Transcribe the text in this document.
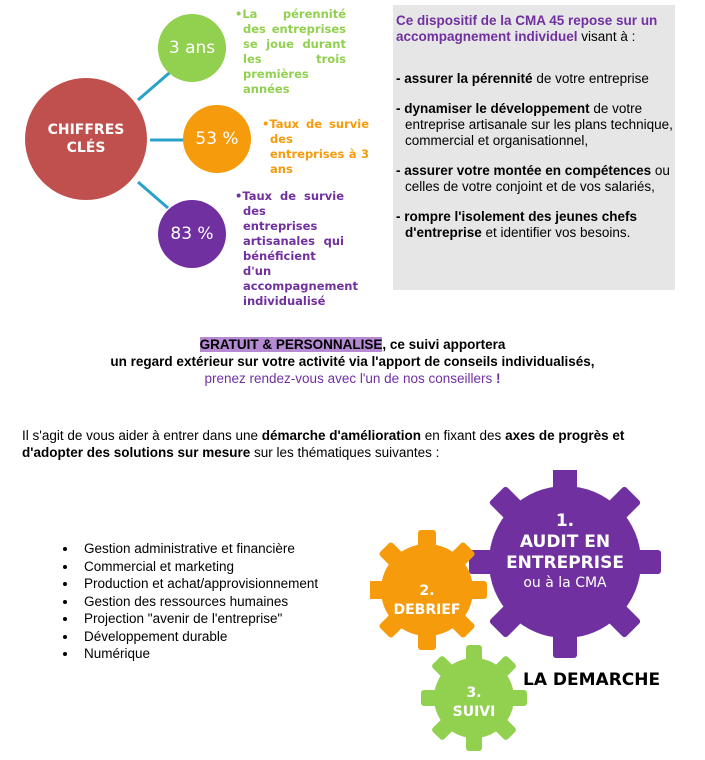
CHIFFRES CLÉS
3 ans
53 %
83 %
•La pérennité des entreprises se joue durant les trois premières années
•Taux de survie des entreprises à 3 ans
•Taux de survie des entreprises artisanales qui bénéficient d'un accompagnement individualisé

Ce dispositif de la CMA 45 repose sur un accompagnement individuel visant à :

- assurer la pérennité de votre entreprise

- dynamiser le développement de votre entreprise artisanale sur les plans technique, commercial et organisationnel,

- assurer votre montée en compétences ou celles de votre conjoint et de vos salariés,

- rompre l'isolement des jeunes chefs d'entreprise et identifier vos besoins.

GRATUIT & PERSONNALISE, ce suivi apportera
un regard extérieur sur votre activité via l'apport de conseils individualisés,
prenez rendez-vous avec l'un de nos conseillers !
Il s'agit de vous aider à entrer dans une démarche d'amélioration en fixant des axes de progrès et d'adopter des solutions sur mesure sur les thématiques suivantes :
• Gestion administrative et financière
• Commercial et marketing
• Production et achat/approvisionnement
• Gestion des ressources humaines
• Projection "avenir de l'entreprise"
• Développement durable
• Numérique
1.
AUDIT EN
ENTREPRISE
ou à la CMA
2.
DEBRIEF
3.
SUIVI
LA DEMARCHE
